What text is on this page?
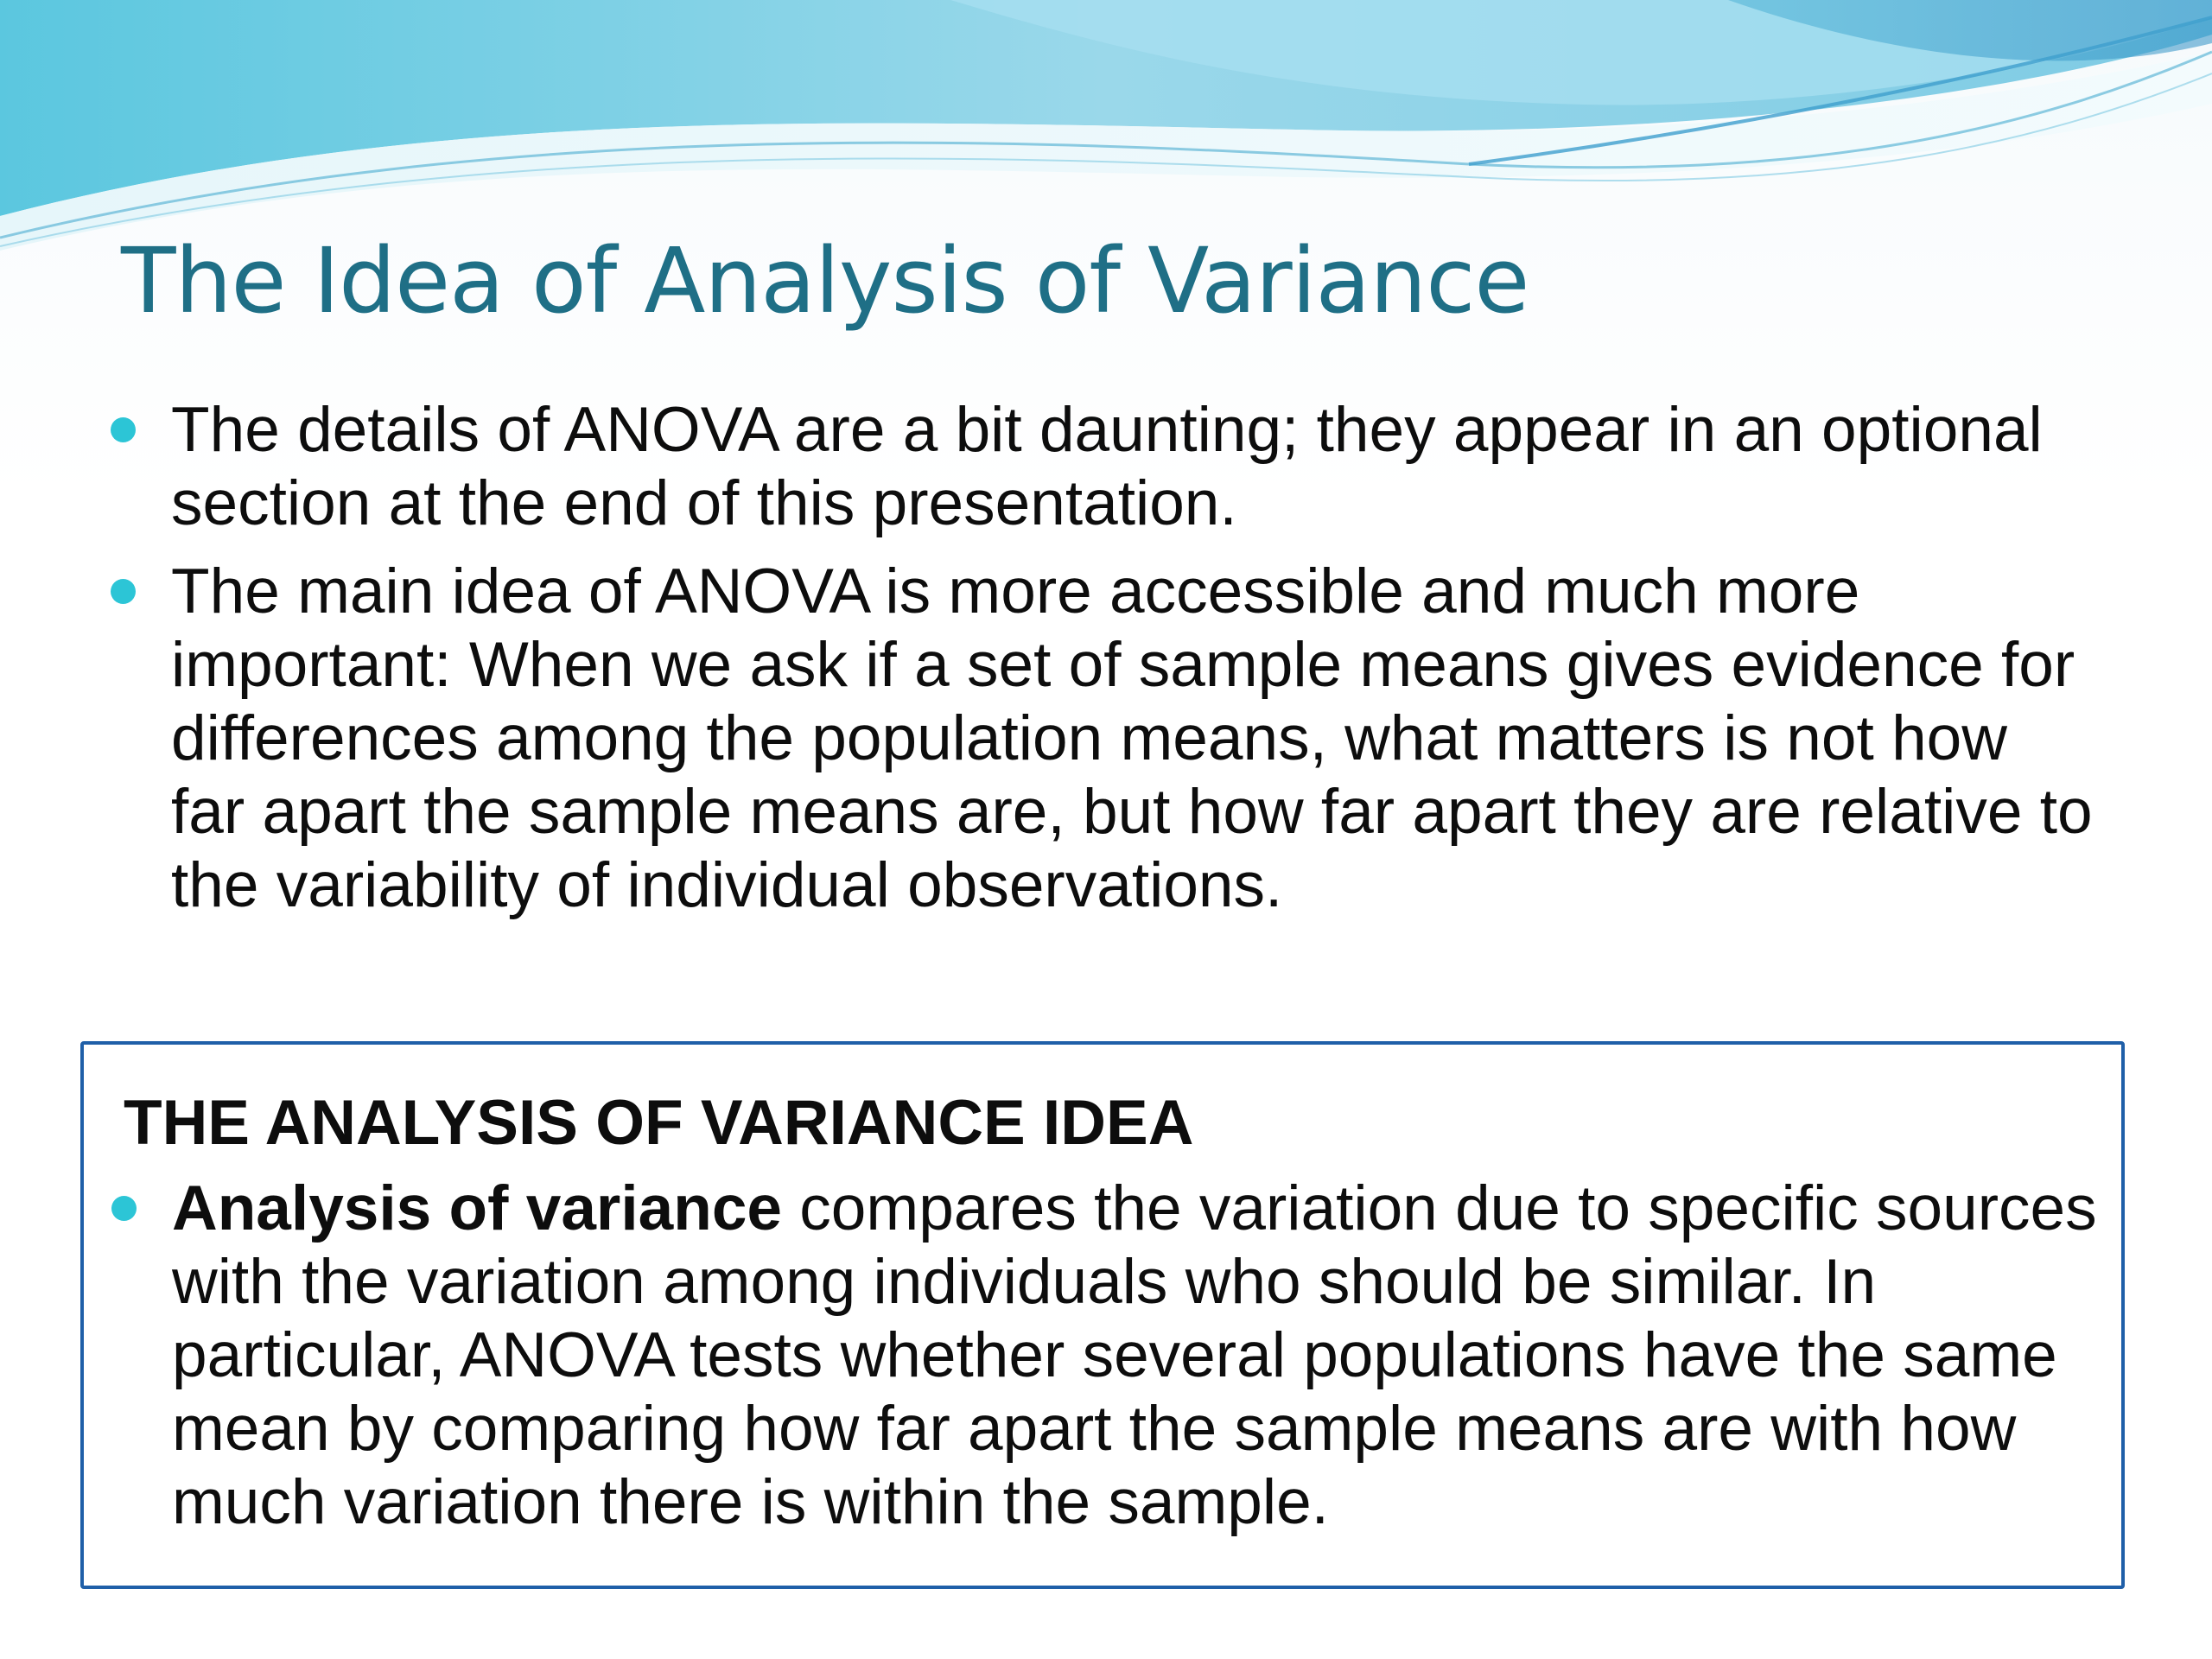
The Idea of Analysis of Variance
The details of ANOVA are a bit daunting; they appear in an optional section at the end of this presentation.
The main idea of ANOVA is more accessible and much more important: When we ask if a set of sample means gives evidence for differences among the population means, what matters is not how far apart the sample means are, but how far apart they are relative to the variability of individual observations.
THE ANALYSIS OF VARIANCE IDEA
Analysis of variance compares the variation due to specific sources with the variation among individuals who should be similar. In particular, ANOVA tests whether several populations have the same mean by comparing how far apart the sample means are with how much variation there is within the sample.
